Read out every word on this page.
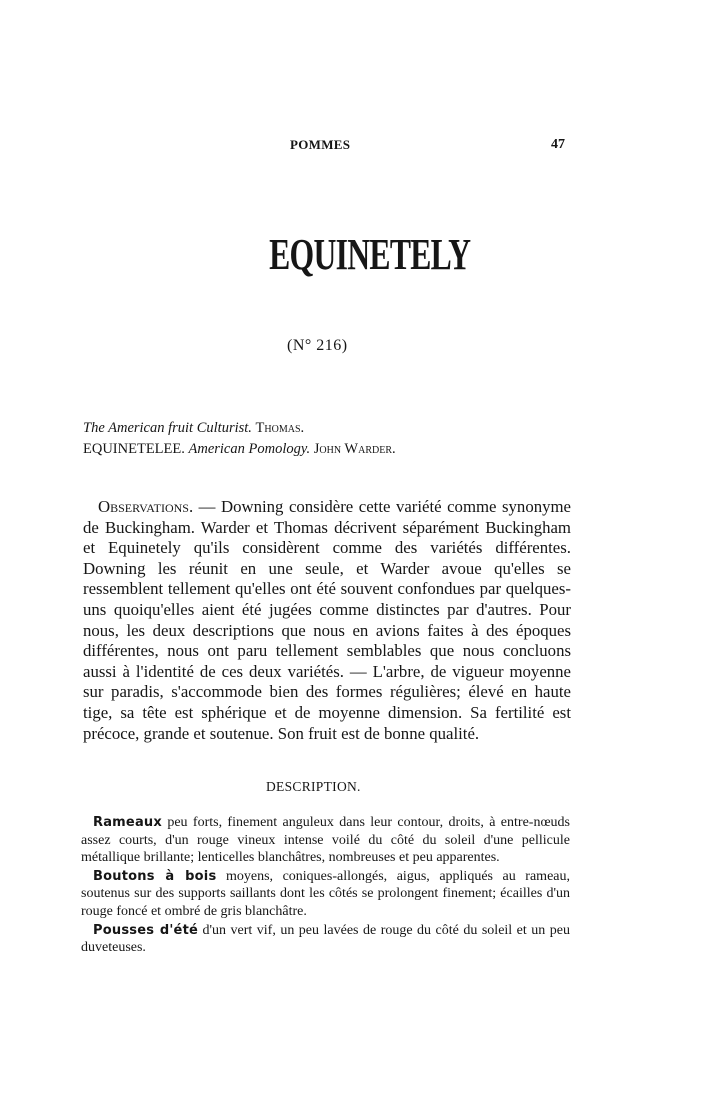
POMMES	47
EQUINETELY
(N° 216)
The American fruit Culturist. Thomas.
EQUINETELEE. American Pomology. John Warder.

Observations. — Downing considère cette variété comme synonyme de Buckingham. Warder et Thomas décrivent séparément Buckingham et Equinetely qu'ils considèrent comme des variétés différentes. Downing les réunit en une seule, et Warder avoue qu'elles se ressemblent tellement qu'elles ont été souvent confondues par quelques-uns quoiqu'elles aient été jugées comme distinctes par d'autres. Pour nous, les deux descriptions que nous en avions faites à des époques différentes, nous ont paru tellement semblables que nous concluons aussi à l'identité de ces deux variétés. — L'arbre, de vigueur moyenne sur paradis, s'accommode bien des formes régulières; élevé en haute tige, sa tête est sphérique et de moyenne dimension. Sa fertilité est précoce, grande et soutenue. Son fruit est de bonne qualité.

DESCRIPTION.

Rameaux peu forts, finement anguleux dans leur contour, droits, à entre-nœuds assez courts, d'un rouge vineux intense voilé du côté du soleil d'une pellicule métallique brillante; lenticelles blanchâtres, nombreuses et peu apparentes.

Boutons à bois moyens, coniques-allongés, aigus, appliqués au rameau, soutenus sur des supports saillants dont les côtés se prolongent finement; écailles d'un rouge foncé et ombré de gris blanchâtre.

Pousses d'été d'un vert vif, un peu lavées de rouge du côté du soleil et un peu duveteuses.
